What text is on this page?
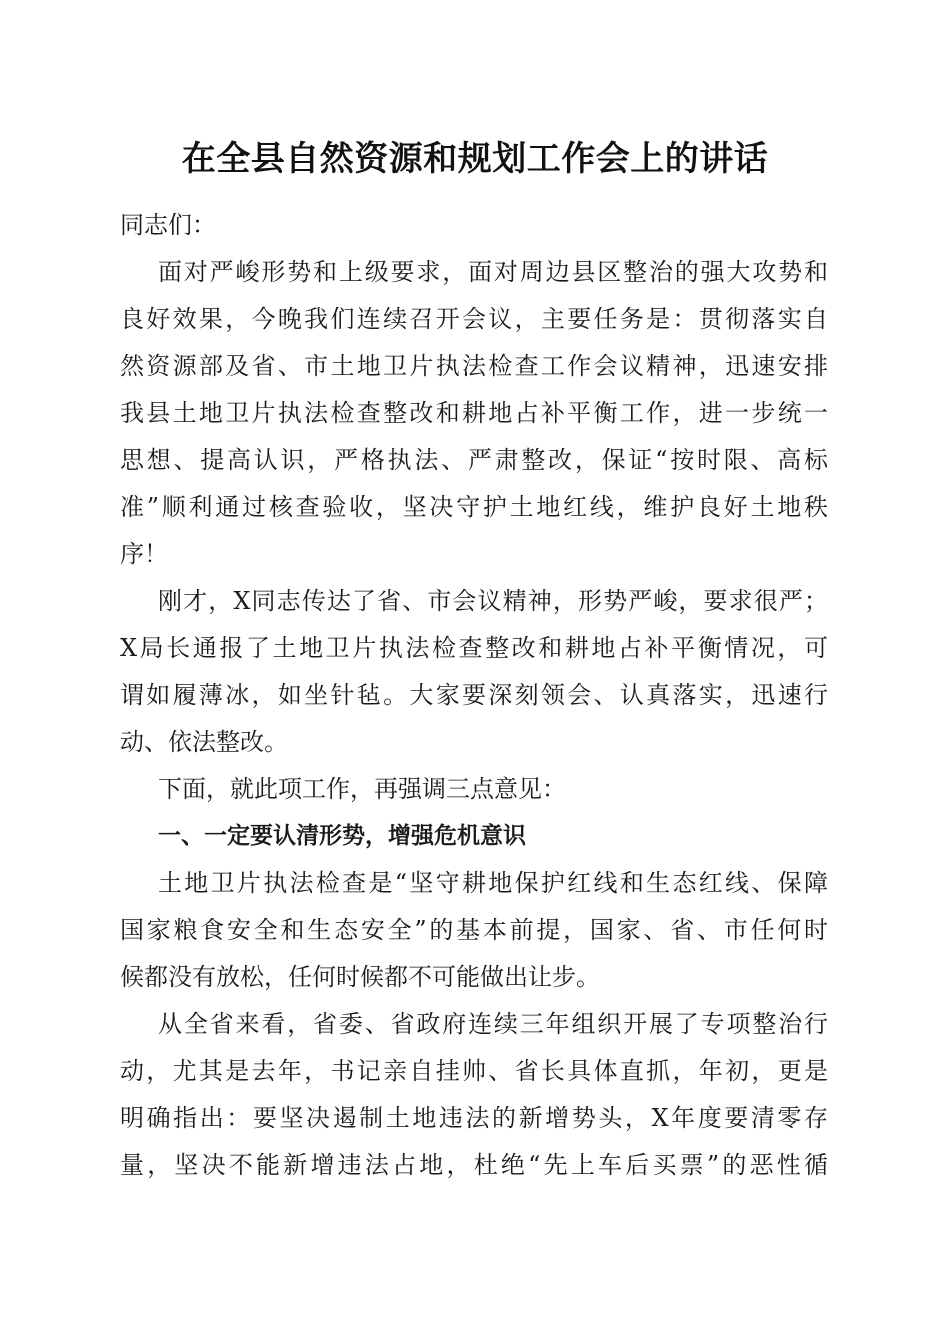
在全县自然资源和规划工作会上的讲话
同志们：
面对严峻形势和上级要求，面对周边县区整治的强大攻势和
良好效果，今晚我们连续召开会议，主要任务是：贯彻落实自
然资源部及省、市土地卫片执法检查工作会议精神，迅速安排
我县土地卫片执法检查整改和耕地占补平衡工作，进一步统一
思想、提高认识，严格执法、严肃整改，保证“按时限、高标
准”顺利通过核查验收，坚决守护土地红线，维护良好土地秩
序！
刚才，X同志传达了省、市会议精神，形势严峻，要求很严；
X局长通报了土地卫片执法检查整改和耕地占补平衡情况，可
谓如履薄冰，如坐针毡。大家要深刻领会、认真落实，迅速行
动、依法整改。
下面，就此项工作，再强调三点意见：
一、一定要认清形势，增强危机意识
土地卫片执法检查是“坚守耕地保护红线和生态红线、保障
国家粮食安全和生态安全”的基本前提，国家、省、市任何时
候都没有放松，任何时候都不可能做出让步。
从全省来看，省委、省政府连续三年组织开展了专项整治行
动，尤其是去年，书记亲自挂帅、省长具体直抓，年初，更是
明确指出：要坚决遏制土地违法的新增势头，X年度要清零存
量，坚决不能新增违法占地，杜绝“先上车后买票”的恶性循
